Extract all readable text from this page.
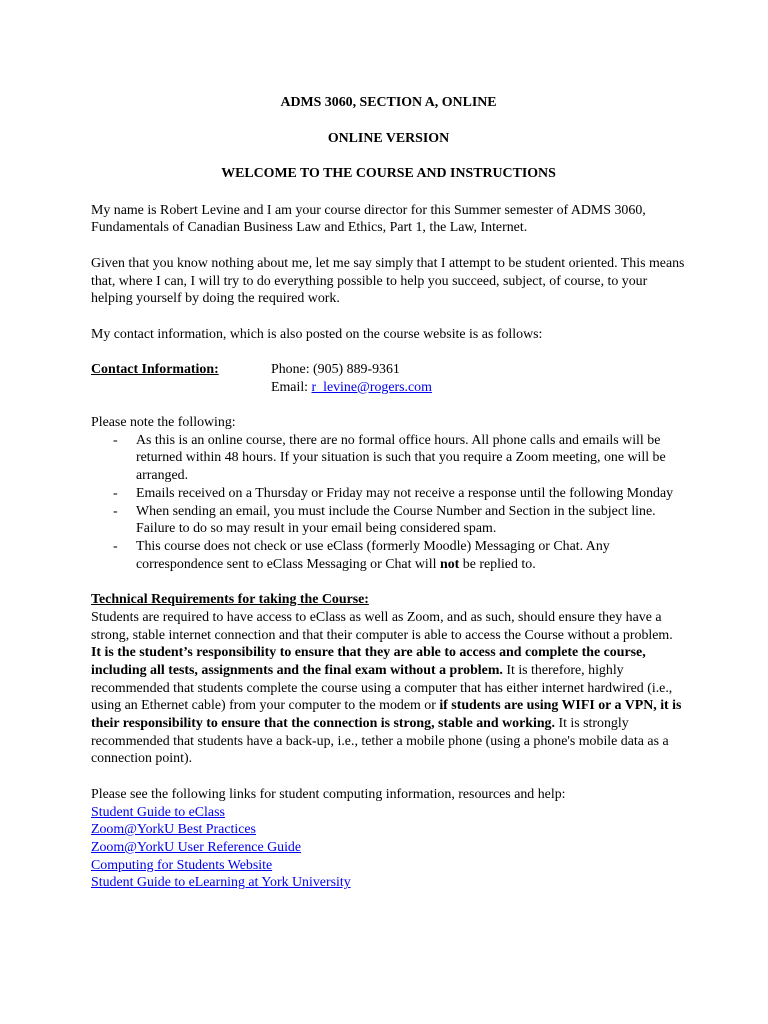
ADMS 3060, SECTION A, ONLINE
ONLINE VERSION
WELCOME TO THE COURSE AND INSTRUCTIONS

My name is Robert Levine and I am your course director for this Summer semester of ADMS 3060, Fundamentals of Canadian Business Law and Ethics, Part 1, the Law, Internet.

Given that you know nothing about me, let me say simply that I attempt to be student oriented. This means that, where I can, I will try to do everything possible to help you succeed, subject, of course, to your helping yourself by doing the required work.

My contact information, which is also posted on the course website is as follows:

Contact Information:	Phone: (905) 889-9361
Email: r_levine@rogers.com
Please note the following:
- As this is an online course, there are no formal office hours. All phone calls and emails will be returned within 48 hours. If your situation is such that you require a Zoom meeting, one will be arranged.
- Emails received on a Thursday or Friday may not receive a response until the following Monday
- When sending an email, you must include the Course Number and Section in the subject line. Failure to do so may result in your email being considered spam.
- This course does not check or use eClass (formerly Moodle) Messaging or Chat. Any correspondence sent to eClass Messaging or Chat will not be replied to.
Technical Requirements for taking the Course:
Students are required to have access to eClass as well as Zoom, and as such, should ensure they have a strong, stable internet connection and that their computer is able to access the Course without a problem. It is the student’s responsibility to ensure that they are able to access and complete the course, including all tests, assignments and the final exam without a problem. It is therefore, highly recommended that students complete the course using a computer that has either internet hardwired (i.e., using an Ethernet cable) from your computer to the modem or if students are using WIFI or a VPN, it is their responsibility to ensure that the connection is strong, stable and working. It is strongly recommended that students have a back-up, i.e., tether a mobile phone (using a phone's mobile data as a connection point).
Please see the following links for student computing information, resources and help:
Student Guide to eClass
Zoom@YorkU Best Practices
Zoom@YorkU User Reference Guide
Computing for Students Website
Student Guide to eLearning at York University
